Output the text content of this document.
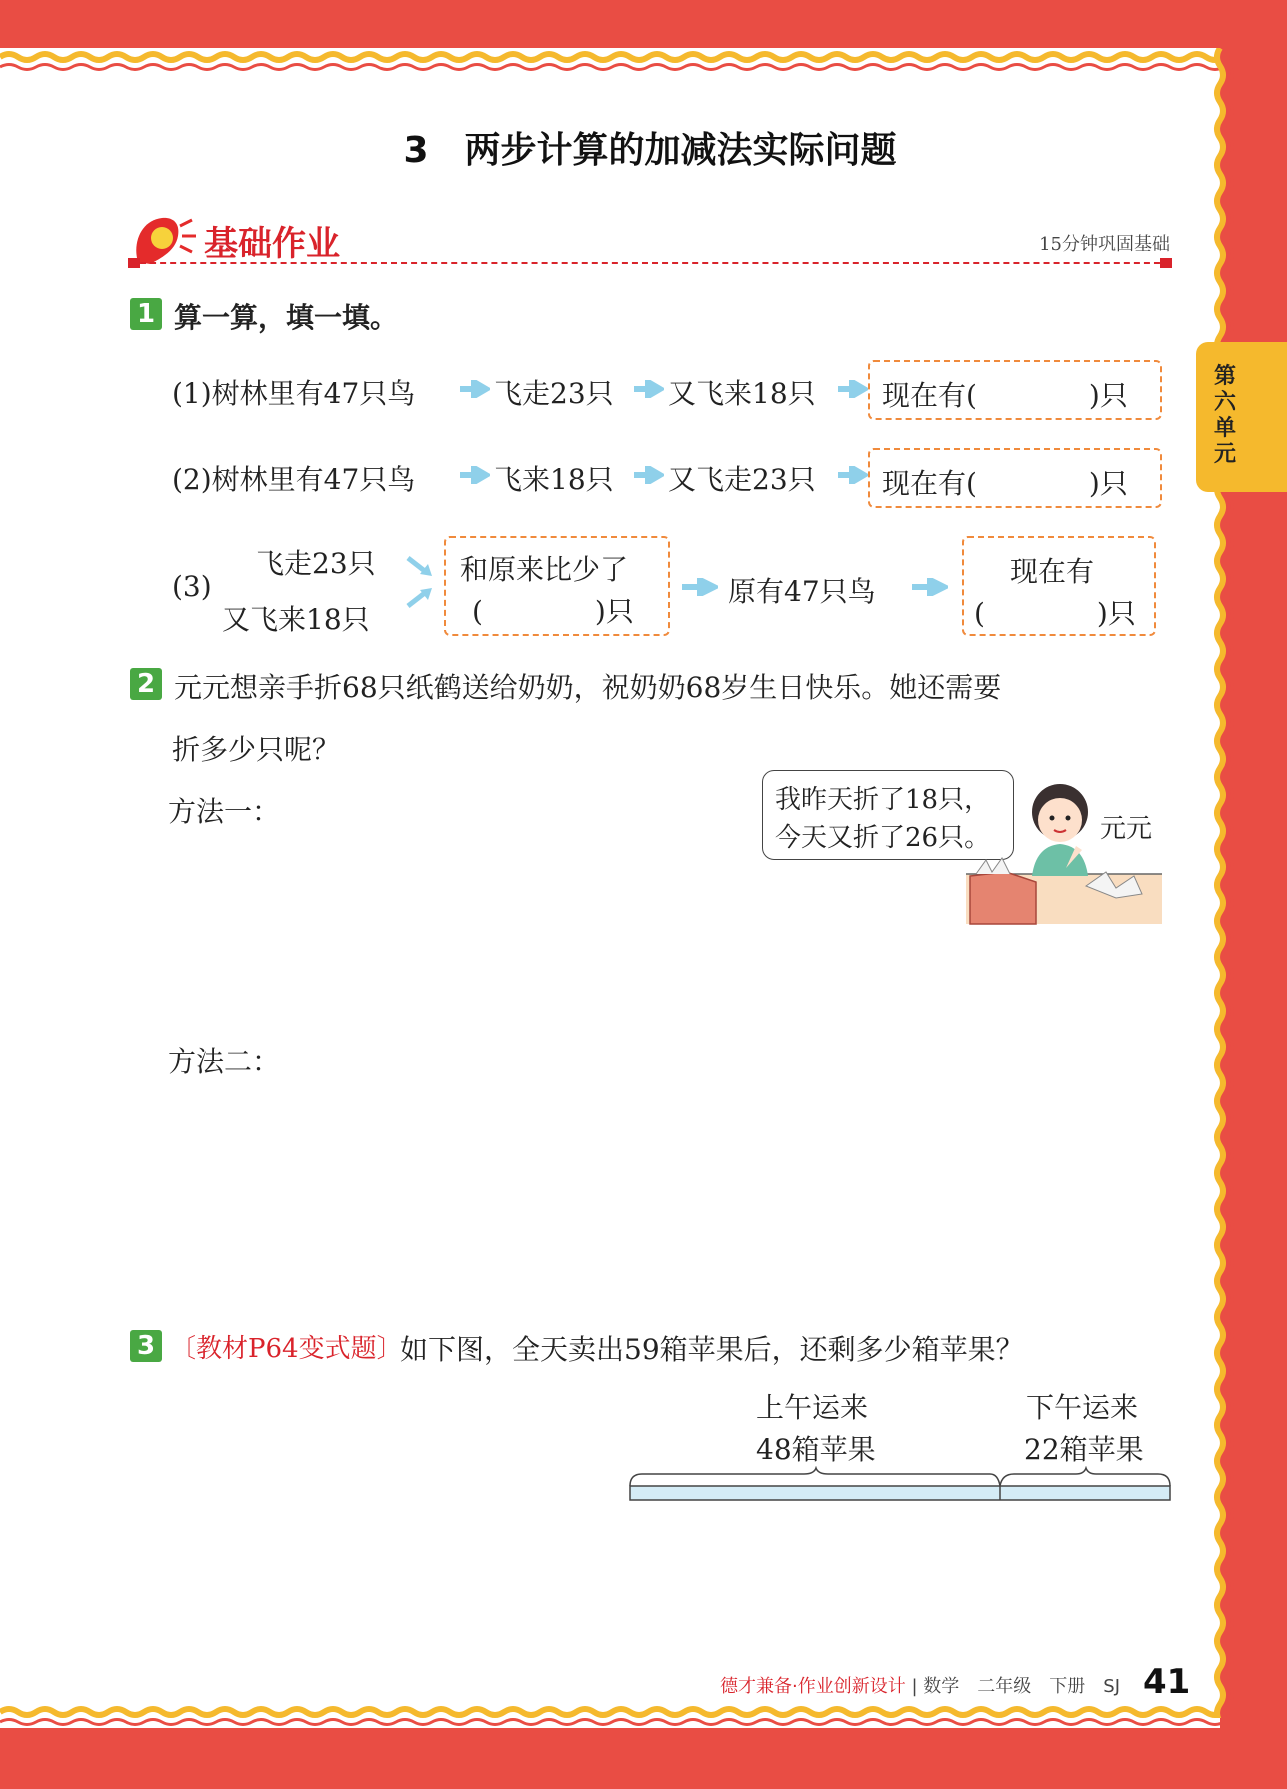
3　两步计算的加减法实际问题
基础作业	15分钟巩固基础
第六单元
1 算一算，填一填。
(1)树林里有47只鸟	飞走23只 又飞来18只 现在有(　　　　)只
(2)树林里有47只鸟	飞来18只 又飞走23只 现在有(　　　　)只
(3)
飞走23只
又飞来18只
和原来比少了
(　　　　)只
原有47只鸟
现在有
(　　　　)只
2 元元想亲手折68只纸鹤送给奶奶，祝奶奶68岁生日快乐。她还需要
折多少只呢？
方法一：
方法二：
我昨天折了18只，
今天又折了26只。	元元
3 〔教材P64变式题〕
如下图，全天卖出59箱苹果后，还剩多少箱苹果？
上午运来
48箱苹果
下午运来
22箱苹果
德才兼备·作业创新设计 | 数学　二年级　下册　SJ 41
